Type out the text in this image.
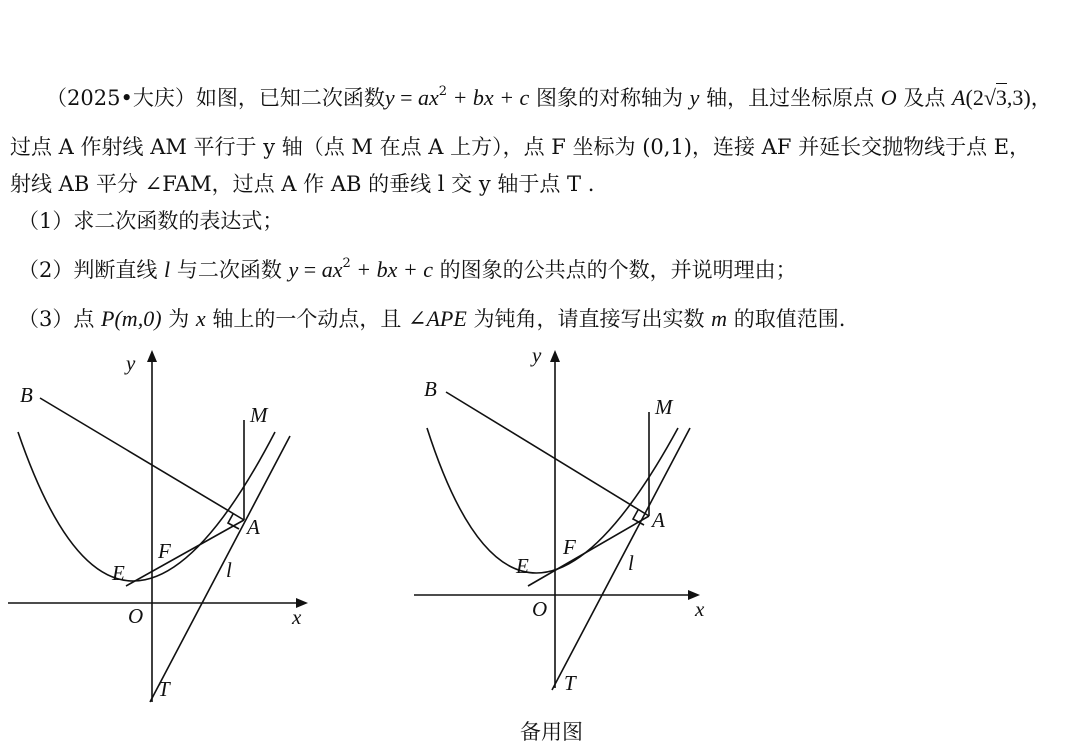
（2025•大庆）如图，已知二次函数$y = ax^2$ + bx + c 图象的对称轴为 y 轴，且过坐标原点 O 及点 A(2√3,3)，
过点 A 作射线 AM 平行于 y 轴（点 M 在点 A 上方），点 F 坐标为 (0,1)，连接 AF 并延长交抛物线于点 E，
射线 AB 平分 ∠FAM，过点 A 作 AB 的垂线 l 交 y 轴于点 T .
（1）求二次函数的表达式；
（2）判断直线 l 与二次函数 $y = ax^2$ + bx + c 的图象的公共点的个数，并说明理由；
（3）点 P(m,0) 为 x 轴上的一个动点，且 ∠APE 为钝角，请直接写出实数 m 的取值范围.
y
x
O
B
M
A
F
E	l
T
y
x
O
B
M
A
F
E	l
T
备用图
